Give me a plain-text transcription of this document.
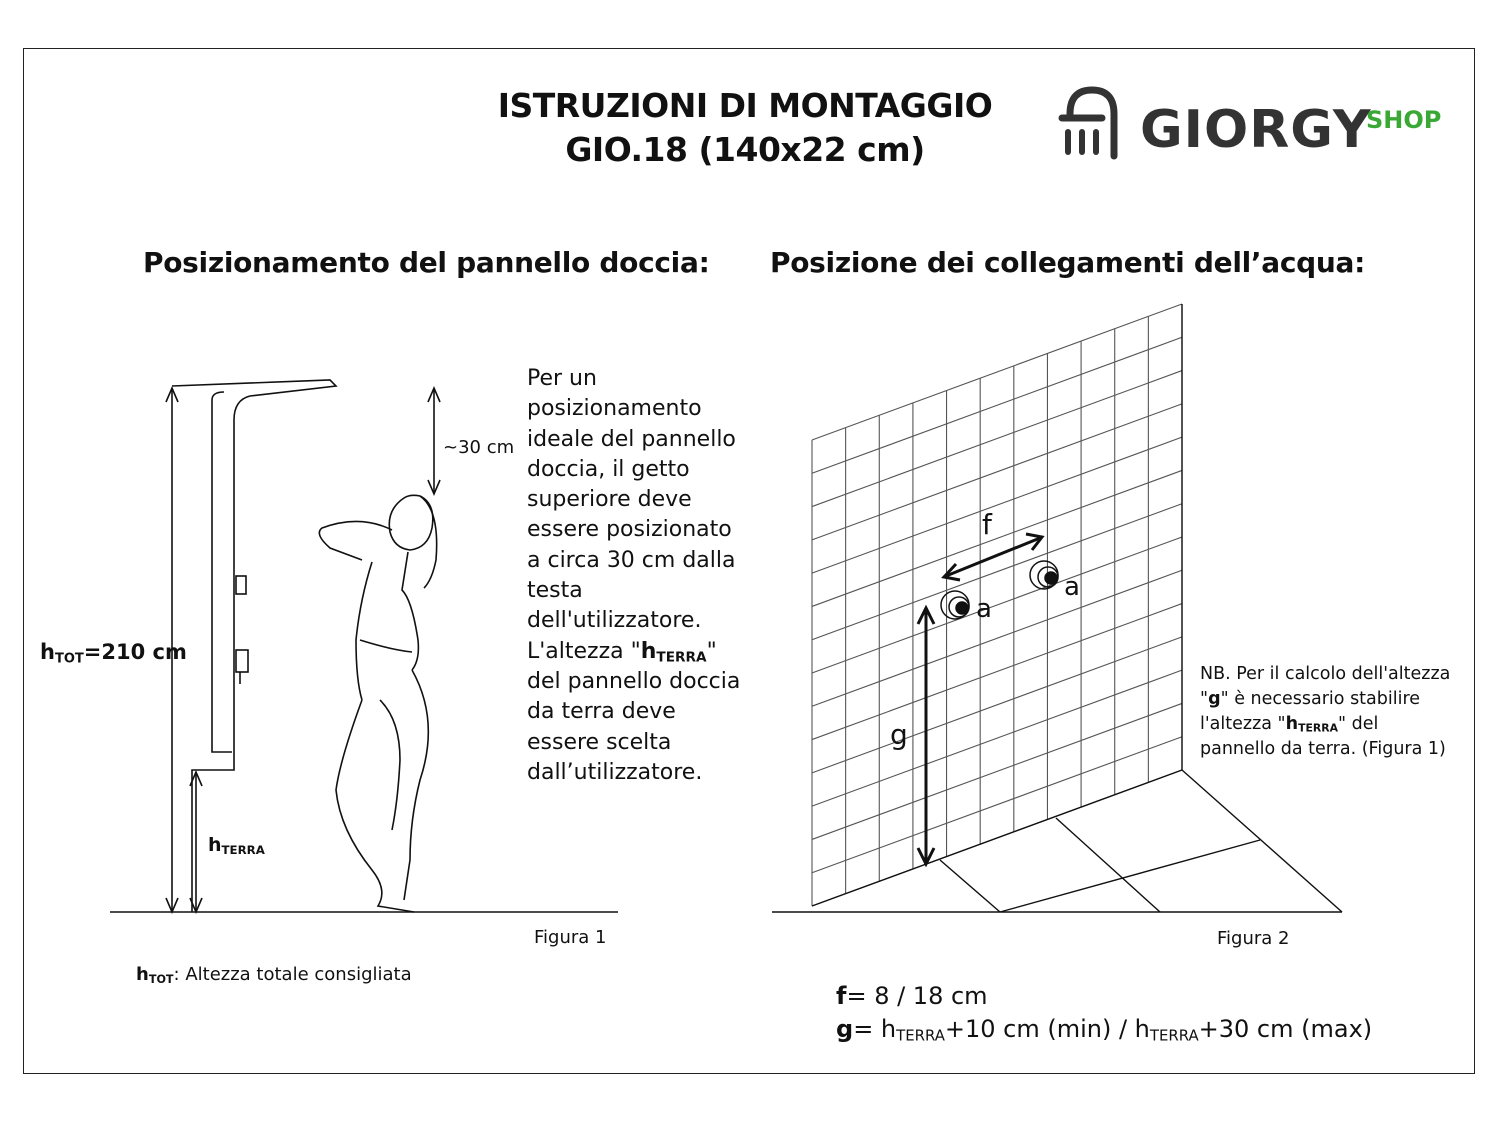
ISTRUZIONI DI MONTAGGIO
GIO.18 (140x22 cm)	GIORGY
SHOP
Posizionamento del pannello doccia: Posizione dei collegamenti dell’acqua:
~30 cm
$h_{TOT}=210$ cm
$h_{TERRA}$
Figura 1
$h_{TOT}$: Altezza totale consigliata
Per un
posizionamento
ideale del pannello
doccia, il getto
superiore deve
essere posizionato
a circa 30 cm dalla
testa
dell'utilizzatore.
L'altezza "$h_{TERRA}$"
del pannello doccia
da terra deve
essere scelta
dall’utilizzatore.
f
g
a
a
Figura 2
NB. Per il calcolo dell'altezza
"g" è necessario stabilire
l'altezza "$h_{TERRA}$" del
pannello da terra. (Figura 1)
f= 8 / 18 cm
$g= h_{TERRA}+10$ cm $(\min) / h_{TERRA}+30$ cm (max)
